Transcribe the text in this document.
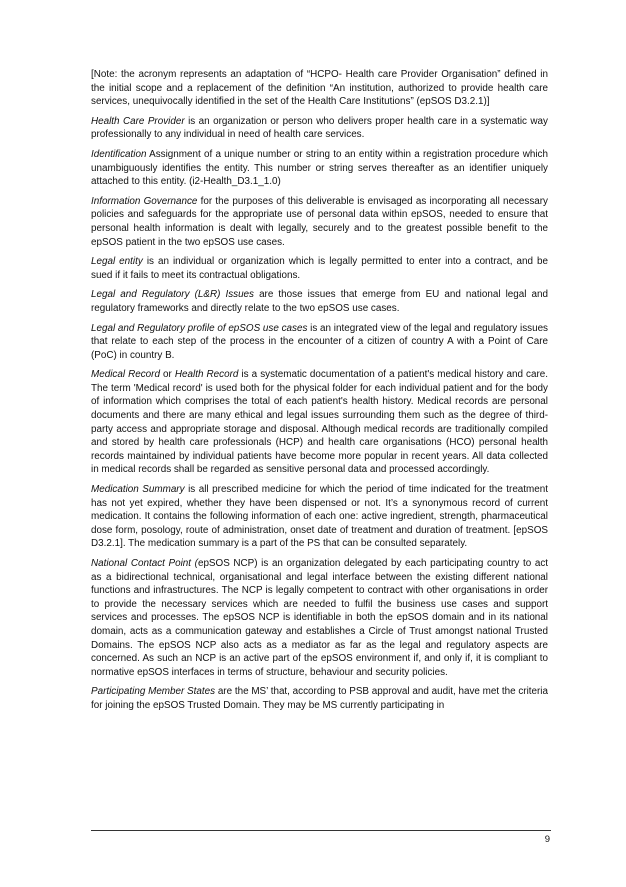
[Note: the acronym represents an adaptation of “HCPO- Health care Provider Organisation” defined in the initial scope and a replacement of the definition “An institution, authorized to provide health care services, unequivocally identified in the set of the Health Care Institutions” (epSOS D3.2.1)]

Health Care Provider is an organization or person who delivers proper health care in a systematic way professionally to any individual in need of health care services.

Identification Assignment of a unique number or string to an entity within a registration procedure which unambiguously identifies the entity. This number or string serves thereafter as an identifier uniquely attached to this entity. (i2-Health_D3.1_1.0)

Information Governance for the purposes of this deliverable is envisaged as incorporating all necessary policies and safeguards for the appropriate use of personal data within epSOS, needed to ensure that personal health information is dealt with legally, securely and to the greatest possible benefit to the epSOS patient in the two epSOS use cases.

Legal entity is an individual or organization which is legally permitted to enter into a contract, and be sued if it fails to meet its contractual obligations.

Legal and Regulatory (L&R) Issues are those issues that emerge from EU and national legal and regulatory frameworks and directly relate to the two epSOS use cases.

Legal and Regulatory profile of epSOS use cases is an integrated view of the legal and regulatory issues that relate to each step of the process in the encounter of a citizen of country A with a Point of Care (PoC) in country B.

Medical Record or Health Record is a systematic documentation of a patient's medical history and care. The term 'Medical record' is used both for the physical folder for each individual patient and for the body of information which comprises the total of each patient's health history. Medical records are personal documents and there are many ethical and legal issues surrounding them such as the degree of third-party access and appropriate storage and disposal. Although medical records are traditionally compiled and stored by health care professionals (HCP) and health care organisations (HCO) personal health records maintained by individual patients have become more popular in recent years. All data collected in medical records shall be regarded as sensitive personal data and processed accordingly.

Medication Summary is all prescribed medicine for which the period of time indicated for the treatment has not yet expired, whether they have been dispensed or not. It’s a synonymous record of current medication. It contains the following information of each one: active ingredient, strength, pharmaceutical dose form, posology, route of administration, onset date of treatment and duration of treatment. [epSOS D3.2.1]. The medication summary is a part of the PS that can be consulted separately.

National Contact Point (epSOS NCP) is an organization delegated by each participating country to act as a bidirectional technical, organisational and legal interface between the existing different national functions and infrastructures. The NCP is legally competent to contract with other organisations in order to provide the necessary services which are needed to fulfil the business use cases and support services and processes. The epSOS NCP is identifiable in both the epSOS domain and in its national domain, acts as a communication gateway and establishes a Circle of Trust amongst national Trusted Domains. The epSOS NCP also acts as a mediator as far as the legal and regulatory aspects are concerned. As such an NCP is an active part of the epSOS environment if, and only if, it is compliant to normative epSOS interfaces in terms of structure, behaviour and security policies.

Participating Member States are the MS’ that, according to PSB approval and audit, have met the criteria for joining the epSOS Trusted Domain. They may be MS currently participating in

9
